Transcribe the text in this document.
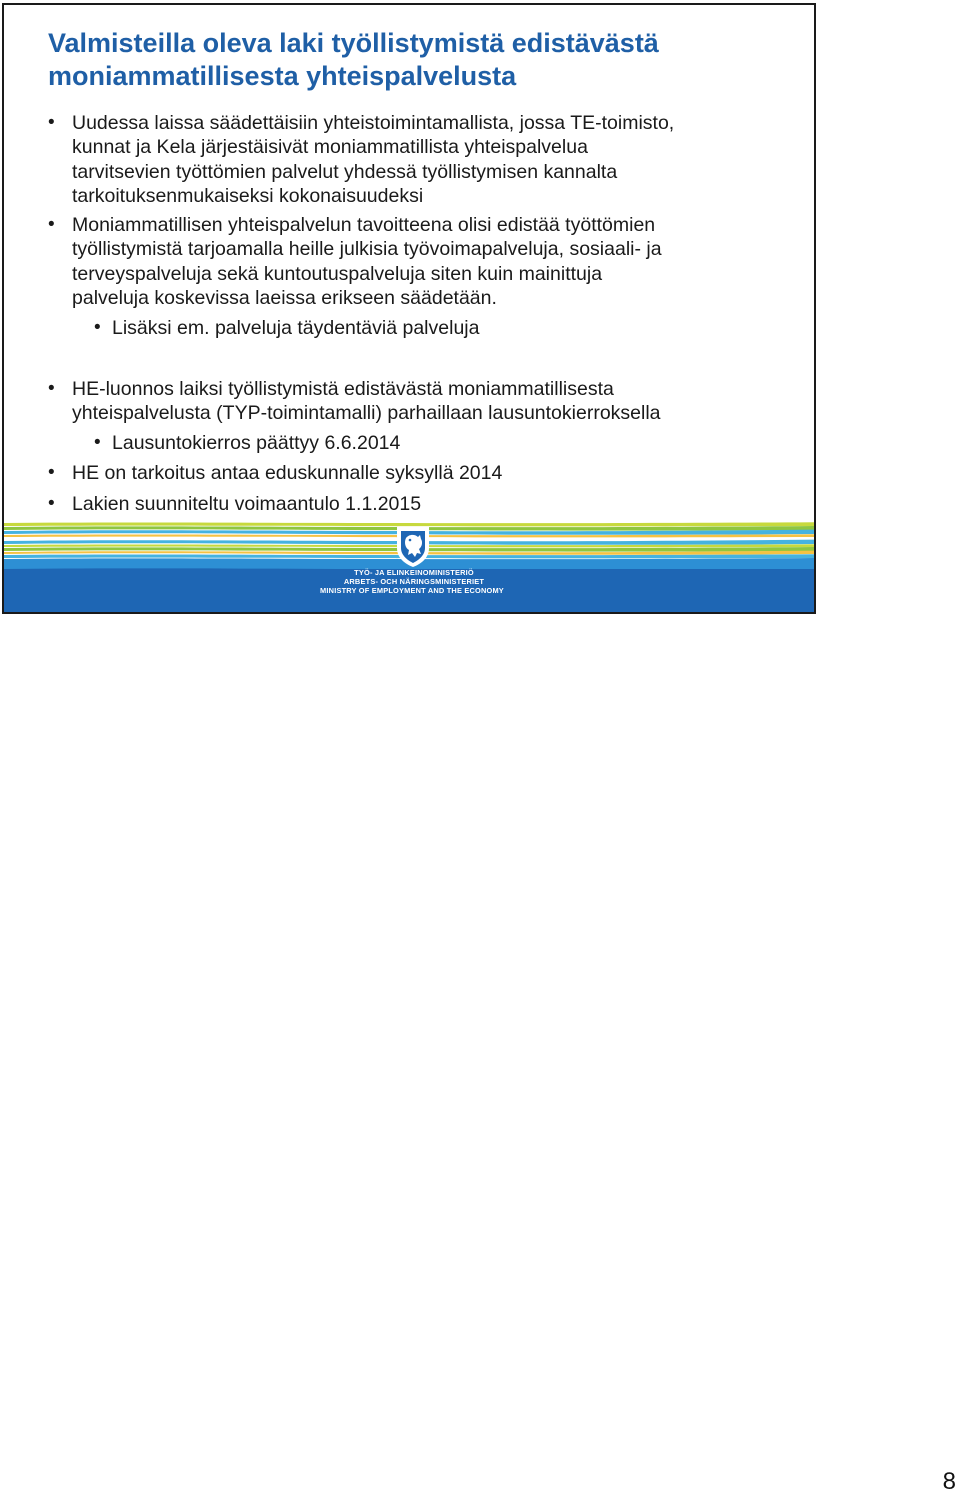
Valmisteilla oleva laki työllistymistä edistävästä
moniammatillisesta yhteispalvelusta
• Uudessa laissa säädettäisiin yhteistoimintamallista, jossa TE-toimisto,
kunnat ja Kela järjestäisivät moniammatillista yhteispalvelua
tarvitsevien työttömien palvelut yhdessä työllistymisen kannalta
tarkoituksenmukaiseksi kokonaisuudeksi
• Moniammatillisen yhteispalvelun tavoitteena olisi edistää työttömien
työllistymistä tarjoamalla heille julkisia työvoimapalveluja, sosiaali- ja
terveyspalveluja sekä kuntoutuspalveluja siten kuin mainittuja
palveluja koskevissa laeissa erikseen säädetään.
• Lisäksi em. palveluja täydentäviä palveluja
• HE-luonnos laiksi työllistymistä edistävästä moniammatillisesta
yhteispalvelusta (TYP-toimintamalli) parhaillaan lausuntokierroksella
• Lausuntokierros päättyy 6.6.2014
• HE on tarkoitus antaa eduskunnalle syksyllä 2014
• Lakien suunniteltu voimaantulo 1.1.2015
TYÖ- JA ELINKEINOMINISTERIÖ
ARBETS- OCH NÄRINGSMINISTERIET
MINISTRY OF EMPLOYMENT AND THE ECONOMY
8
